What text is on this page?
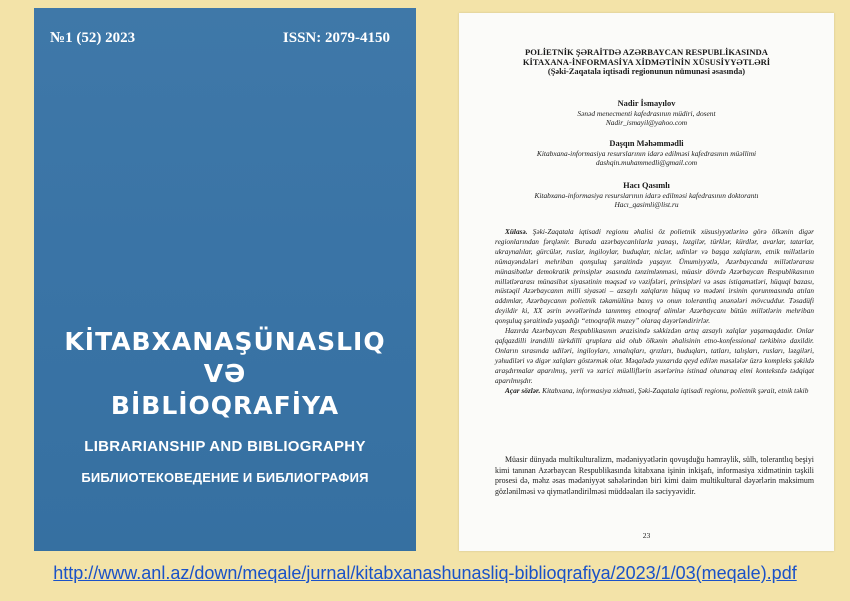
№1 (52) 2023	ISSN: 2079-4150
KİTABXANAŞÜNASLIQ
VƏ
BİBLİOQRAFİYA
LIBRARIANSHIP AND BIBLIOGRAPHY
БИБЛИОТЕКОВЕДЕНИЕ И БИБЛИОГРАФИЯ
POLİETNİK ŞƏRAİTDƏ AZƏRBAYCAN RESPUBLİKASINDA
KİTAXANA-İNFORMASİYA XİDMƏTİNİN XÜSUSİYYƏTLƏRİ
(Şəki-Zaqatala iqtisadi regionunun nümunəsi əsasında)
Nadir İsmayılov
Sənəd menecmenti kafedrasının müdiri, dosent
Nadir_ismayil@yahoo.com
Daşqın Məhəmmədli
Kitabxana-informasiya resurslarının idarə edilməsi kafedrasının müəllimi
dashqin.muhammedli@gmail.com
Hacı Qasımlı
Kitabxana-informasiya resurslarının idarə edilməsi kafedrasının doktorantı
Hacı_qasimli@list.ru

Xülasə. Şəki-Zaqatala iqtisadi regionu əhalisi öz polietnik xüsusiyyətlərinə görə ölkənin digər regionlarından fərqlənir. Burada azərbaycanlılarla yanaşı, ləzgilər, türklər, kürdlər, avarlar, tatarlar, ukraynalılar, gürcülər, ruslar, ingiloylar, buduqlar, niclər, udinlər və başqa xalqların, etnik millətlərin nümayəndələri mehriban qonşuluq şəraitində yaşayır. Ümumiyyətlə, Azərbaycanda millətlərarası münasibətlər demokratik prinsiplər əsasında tənzimlənməsi, müasir dövrdə Azərbaycan Respublikasının millətlərarası münasibət siyasətinin məqsəd və vəzifələri, prinsipləri və əsas istiqamətləri, hüquqi bazası, müstəqil Azərbaycanın milli siyasəti – azsaylı xalqların hüquq və mədəni irsinin qorunmasında atılan addımlar, Azərbaycanın polietnik təkamülünə baxış və onun tolerantlıq ənənələri mövcuddur. Təsadüfi deyildir ki, XX əsrin əvvəllərində tanınmış etnoqraf alimlər Azərbaycanı bütün millətlərin mehriban qonşuluq şəraitində yaşadığı “etnoqrafik muzey” olaraq dəyərləndirirlər.

Hazırda Azərbaycan Respublikasının ərazisində səkkizdən artıq azsaylı xalqlar yaşamaqdadır. Onlar qafqazdilli irandilli türkdilli qruplara aid olub ölkənin əhalisinin etno-konfessional tərkibinə daxildir. Onların sırasında udiləri, ingiloyları, xınalıqları, qrızları, buduqları, tatları, talışları, rusları, ləzgiləri, yəhudiləri və digər xalqları göstərmək olar. Məqalədə yuxarıda qeyd edilən məsələlər üzrə kompleks şəkildə araşdırmalar aparılmış, yerli və xarici müəlliflərin əsərlərinə istinad olunaraq elmi kontekstdə tədqiqat aparılmışdır.

Açar sözlər. Kitabxana, informasiya xidməti, Şəki-Zaqatala iqtisadi regionu, polietnik şərait, etnik təkib

Müasir dünyada multikulturalizm, mədəniyyətlərin qovuşduğu həmrəylik, sülh, tolerantlıq beşiyi kimi tanınan Azərbaycan Respublikasında kitabxana işinin inkişafı, informasiya xidmətinin təşkili prosesi də, məhz əsas mədəniyyət sahələrindən biri kimi daim multikultural dəyərlərin maksimum gözlənilməsi və qiymətləndirilməsi müddəaları ilə səciyyəvidir.
23
http://www.anl.az/down/meqale/jurnal/kitabxanashunasliq-biblioqrafiya/2023/1/03(meqale).pdf
